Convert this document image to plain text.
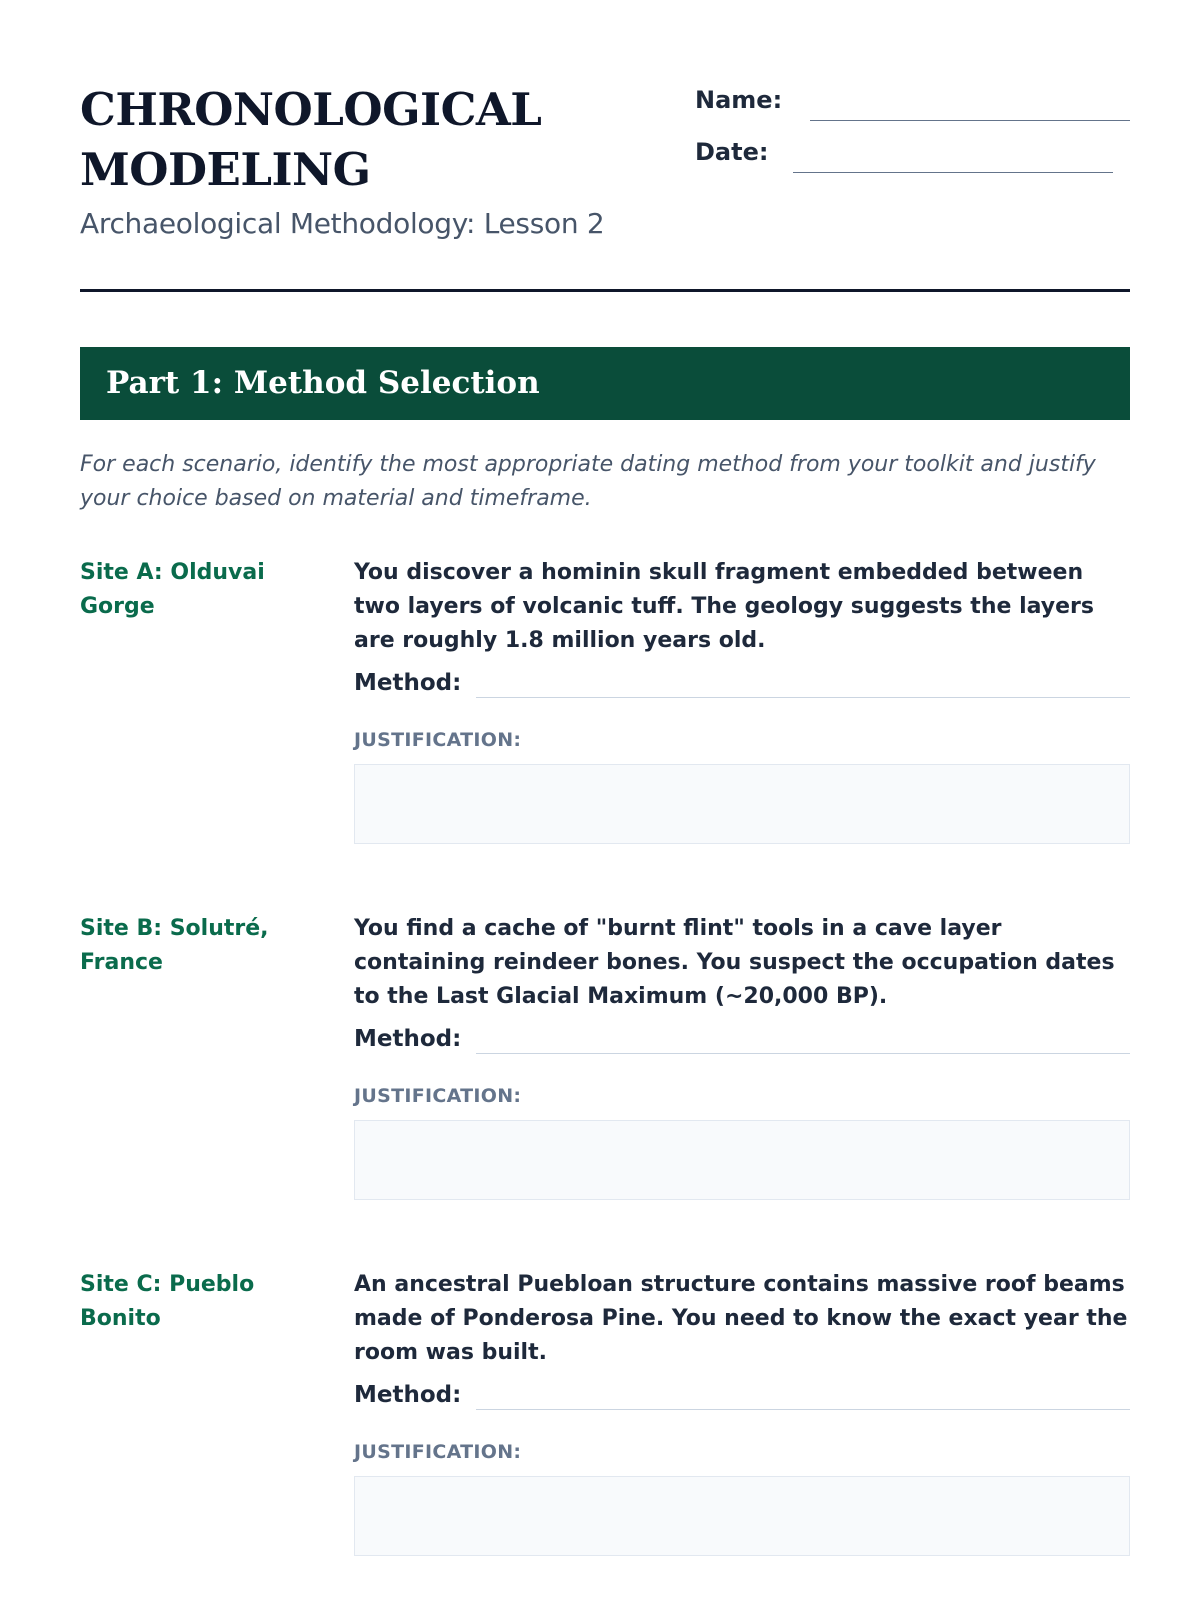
CHRONOLOGICAL
MODELING
Archaeological Methodology: Lesson 2
Name:
Date:
Part 1: Method Selection

For each scenario, identify the most appropriate dating method from your toolkit and justify your choice based on material and timeframe.

Site A: Olduvai Gorge

You discover a hominin skull fragment embedded between two layers of volcanic tuff. The geology suggests the layers are roughly 1.8 million years old.

Method:

JUSTIFICATION:

Site B: Solutré, France

You find a cache of "burnt flint" tools in a cave layer containing reindeer bones. You suspect the occupation dates to the Last Glacial Maximum (~20,000 BP).

Method:

JUSTIFICATION:

Site C: Pueblo Bonito

An ancestral Puebloan structure contains massive roof beams made of Ponderosa Pine. You need to know the exact year the room was built.

Method:

JUSTIFICATION:
